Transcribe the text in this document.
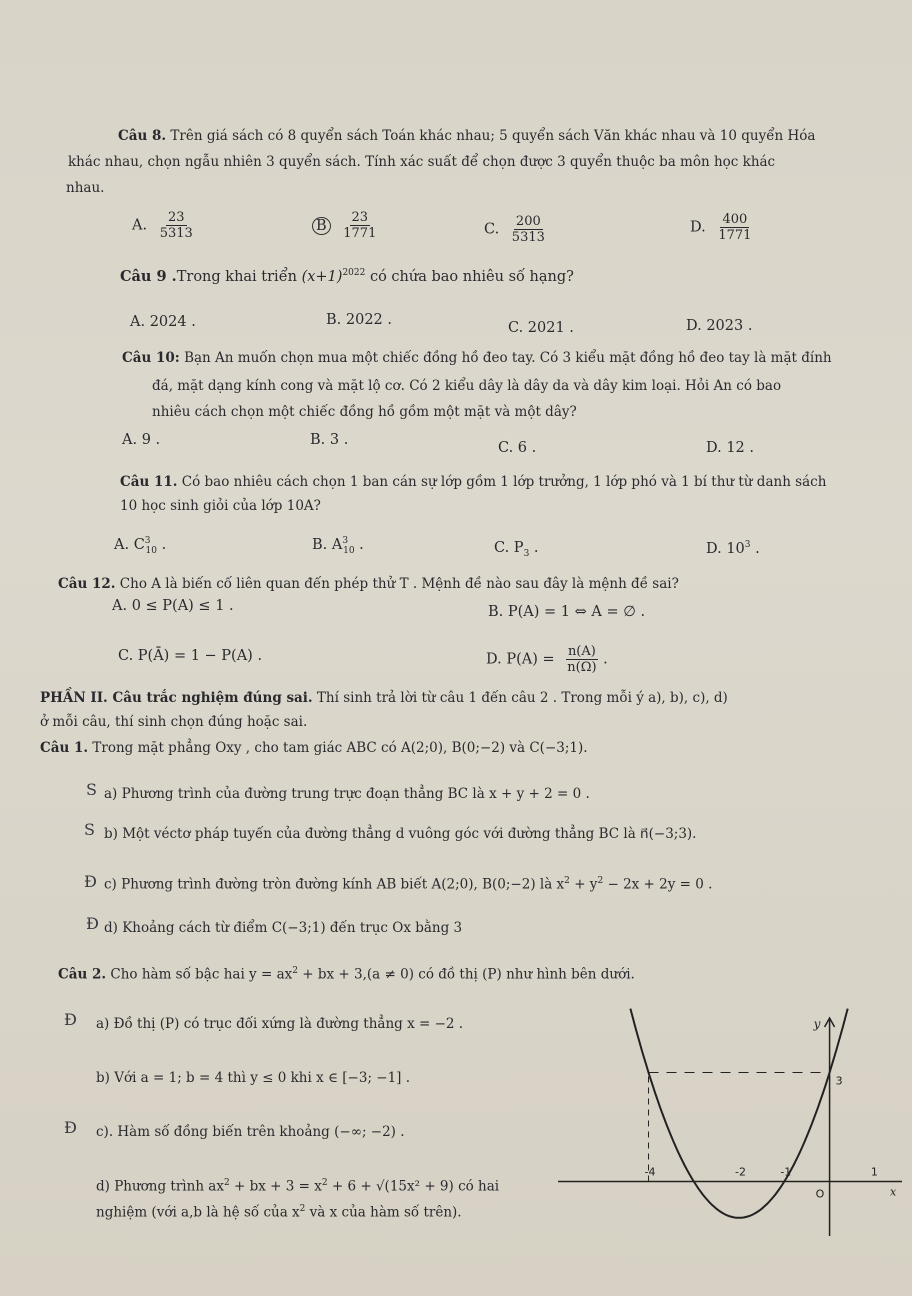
Câu 8. Trên giá sách có 8 quyển sách Toán khác nhau; 5 quyển sách Văn khác nhau và 10 quyển Hóa
khác nhau, chọn ngẫu nhiên 3 quyển sách. Tính xác suất để chọn được 3 quyển thuộc ba môn học khác
nhau.
A. $\frac{23}{5313}$	B $\frac{23}{1771}$	C. $\frac{200}{5313}$	D. $\frac{400}{1771}$
Câu 9 .Trong khai triển $(x+1)^{2022}$ có chứa bao nhiêu số hạng?
A. 2024 .	B. 2022 .	C. 2021 .	D. 2023 .
Câu 10: Bạn An muốn chọn mua một chiếc đồng hồ đeo tay. Có 3 kiểu mặt đồng hồ đeo tay là mặt đính
đá, mặt dạng kính cong và mặt lộ cơ. Có 2 kiểu dây là dây da và dây kim loại. Hỏi An có bao
nhiêu cách chọn một chiếc đồng hồ gồm một mặt và một dây?
A. 9 .	B. 3 .	C. 6 .	D. 12 .
Câu 11. Có bao nhiêu cách chọn 1 ban cán sự lớp gồm 1 lớp trưởng, 1 lớp phó và 1 bí thư từ danh sách
10 học sinh giỏi của lớp 10A?
A. $C^3_{10}$ .	B. $A^3_{10}$ .	C. $P_3$ .	D. $10^3$ .
Câu 12. Cho A là biến cố liên quan đến phép thử T . Mệnh đề nào sau đây là mệnh đề sai?
A. 0 ≤ P(A) ≤ 1 .	B. P(A) = 1 ⇔ A = ∅ .
C. P(Ā) = 1 − P(A) .	D. $P(A) = \frac{n(A)}{n(\Omega)}$ .
PHẦN II. Câu trắc nghiệm đúng sai. Thí sinh trả lời từ câu 1 đến câu 2 . Trong mỗi ý a), b), c), d)
ở mỗi câu, thí sinh chọn đúng hoặc sai.
Câu 1. Trong mặt phẳng Oxy , cho tam giác ABC có A(2;0), B(0;−2) và C(−3;1).
S a) Phương trình của đường trung trực đoạn thẳng BC là x + y + 2 = 0 .
S b) Một véctơ pháp tuyến của đường thẳng d vuông góc với đường thẳng BC là n⃗(−3;3).
Đ c) Phương trình đường tròn đường kính AB biết A(2;0), B(0;−2) là $x^2 + y^2 - 2x + 2y = 0$ .
Đ d) Khoảng cách từ điểm C(−3;1) đến trục Ox bằng 3
Câu 2. Cho hàm số bậc hai $y = ax^2$ + bx + 3,(a ≠ 0) có đồ thị (P) như hình bên dưới.
Đ a) Đồ thị (P) có trục đối xứng là đường thẳng x = −2 .
b) Với a = 1; b = 4 thì y ≤ 0 khi x ∈ [−3; −1] .
Đ c). Hàm số đồng biến trên khoảng (−∞; −2) .
d) Phương trình $ax^2$ + bx + $3 = x^2 + 6 + √(15x^2 + 9)$ có hai
nghiệm (với a,b là hệ số của $x^2$ và x của hàm số trên).
-4	-2	-1	1
O
3
x
y
